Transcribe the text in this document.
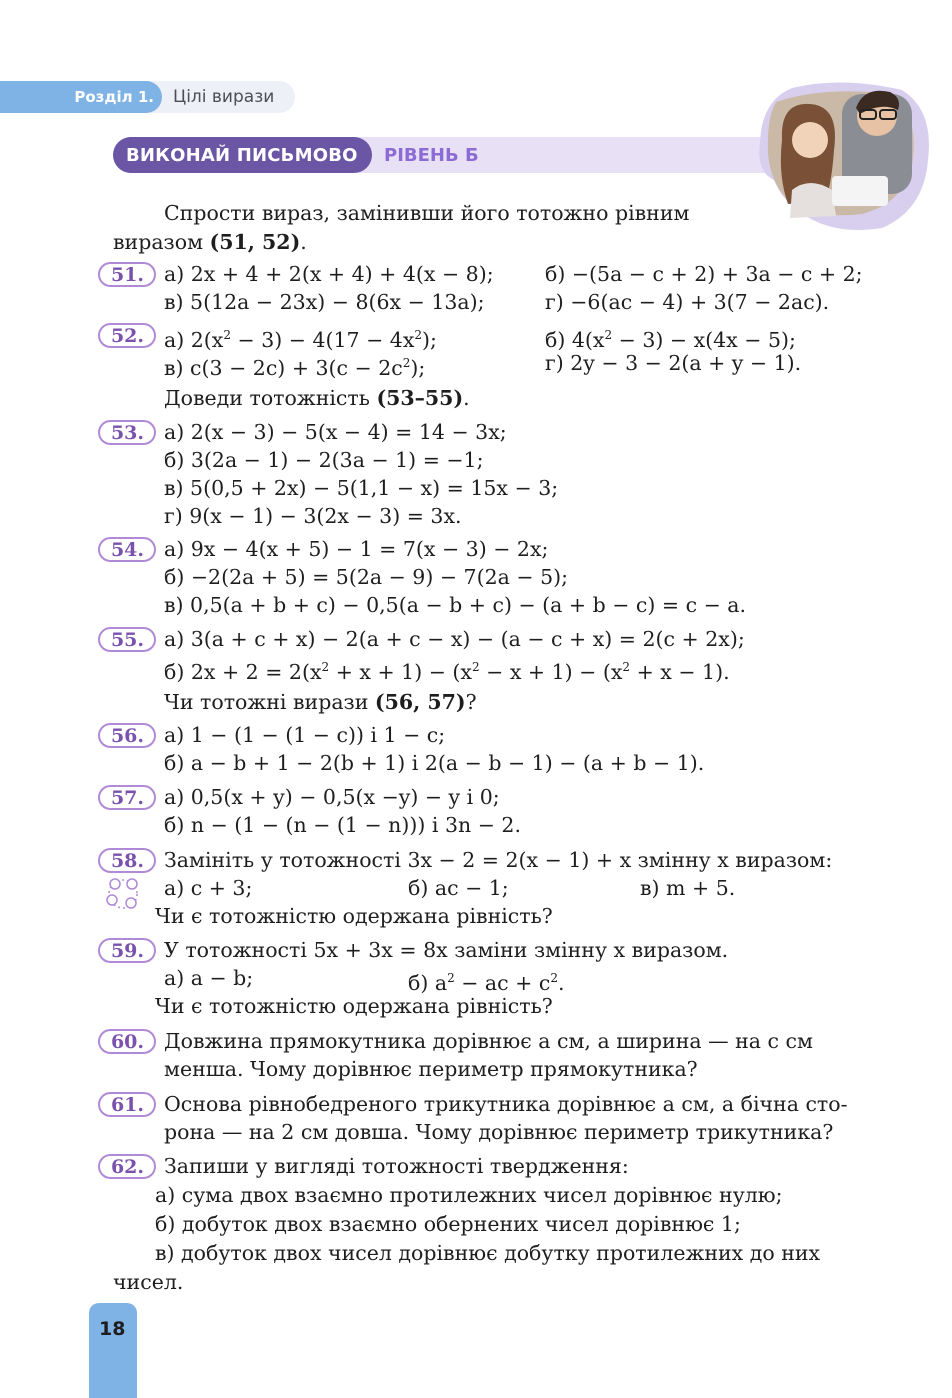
Розділ 1. Цілі вирази
ВИКОНАЙ ПИСЬМОВО РІВЕНЬ Б
Спрости вираз, замінивши його тотожно рівним
виразом (51, 52).
51. а) 2x + 4 + 2(x + 4) + 4(x − 8);	б) −(5a − c + 2) + 3a − c + 2;
в) 5(12a − 23x) − 8(6x − 13a);	г) −6(ac − 4) + 3(7 − 2ac).
52. а) $2(x^2 - 3) - 4(17 - 4x^2)$;	б) $4(x^2 - 3) - x(4x - 5)$;
в) $c(3 - 2c) + 3(c - 2c^2)$;	г) 2y − 3 − 2(a + y − 1).
Доведи тотожність (53–55).
53. а) 2(x − 3) − 5(x − 4) = 14 − 3x;
б) 3(2a − 1) − 2(3a − 1) = −1;
в) 5(0,5 + 2x) − 5(1,1 − x) = 15x − 3;
г) 9(x − 1) − 3(2x − 3) = 3x.
54. а) 9x − 4(x + 5) − 1 = 7(x − 3) − 2x;
б) −2(2a + 5) = 5(2a − 9) − 7(2a − 5);
в) 0,5(a + b + c) − 0,5(a − b + c) − (a + b − c) = c − a.
55. а) 3(a + c + x) − 2(a + c − x) − (a − c + x) = 2(c + 2x);
б) $2x + 2 = 2(x^2 + x + 1) - (x^2 - x + 1) - (x^2 + x - 1)$.
Чи тотожні вирази (56, 57)?
56. а) 1 − (1 − (1 − c)) і 1 − c;
б) a − b + 1 − 2(b + 1) і 2(a − b − 1) − (a + b − 1).
57. а) 0,5(x + y) − 0,5(x −y) − y і 0;
б) n − (1 − (n − (1 − n))) і 3n − 2.
58. Замініть у тотожності 3x − 2 = 2(x − 1) + x змінну x виразом:
а) c + 3;	б) ac − 1;	в) m + 5.
Чи є тотожністю одержана рівність?
59. У тотожності 5x + 3x = 8x заміни змінну x виразом.
а) a − b;	б) $a^2$ − ac + $c^2$.
Чи є тотожністю одержана рівність?
60. Довжина прямокутника дорівнює a см, а ширина — на c см
менша. Чому дорівнює периметр прямокутника?
61. Основа рівнобедреного трикутника дорівнює a см, а бічна сто-
рона — на 2 см довша. Чому дорівнює периметр трикутника?
62. Запиши у вигляді тотожності твердження:
а) сума двох взаємно протилежних чисел дорівнює нулю;
б) добуток двох взаємно обернених чисел дорівнює 1;
в) добуток двох чисел дорівнює добутку протилежних до них
чисел.
18
